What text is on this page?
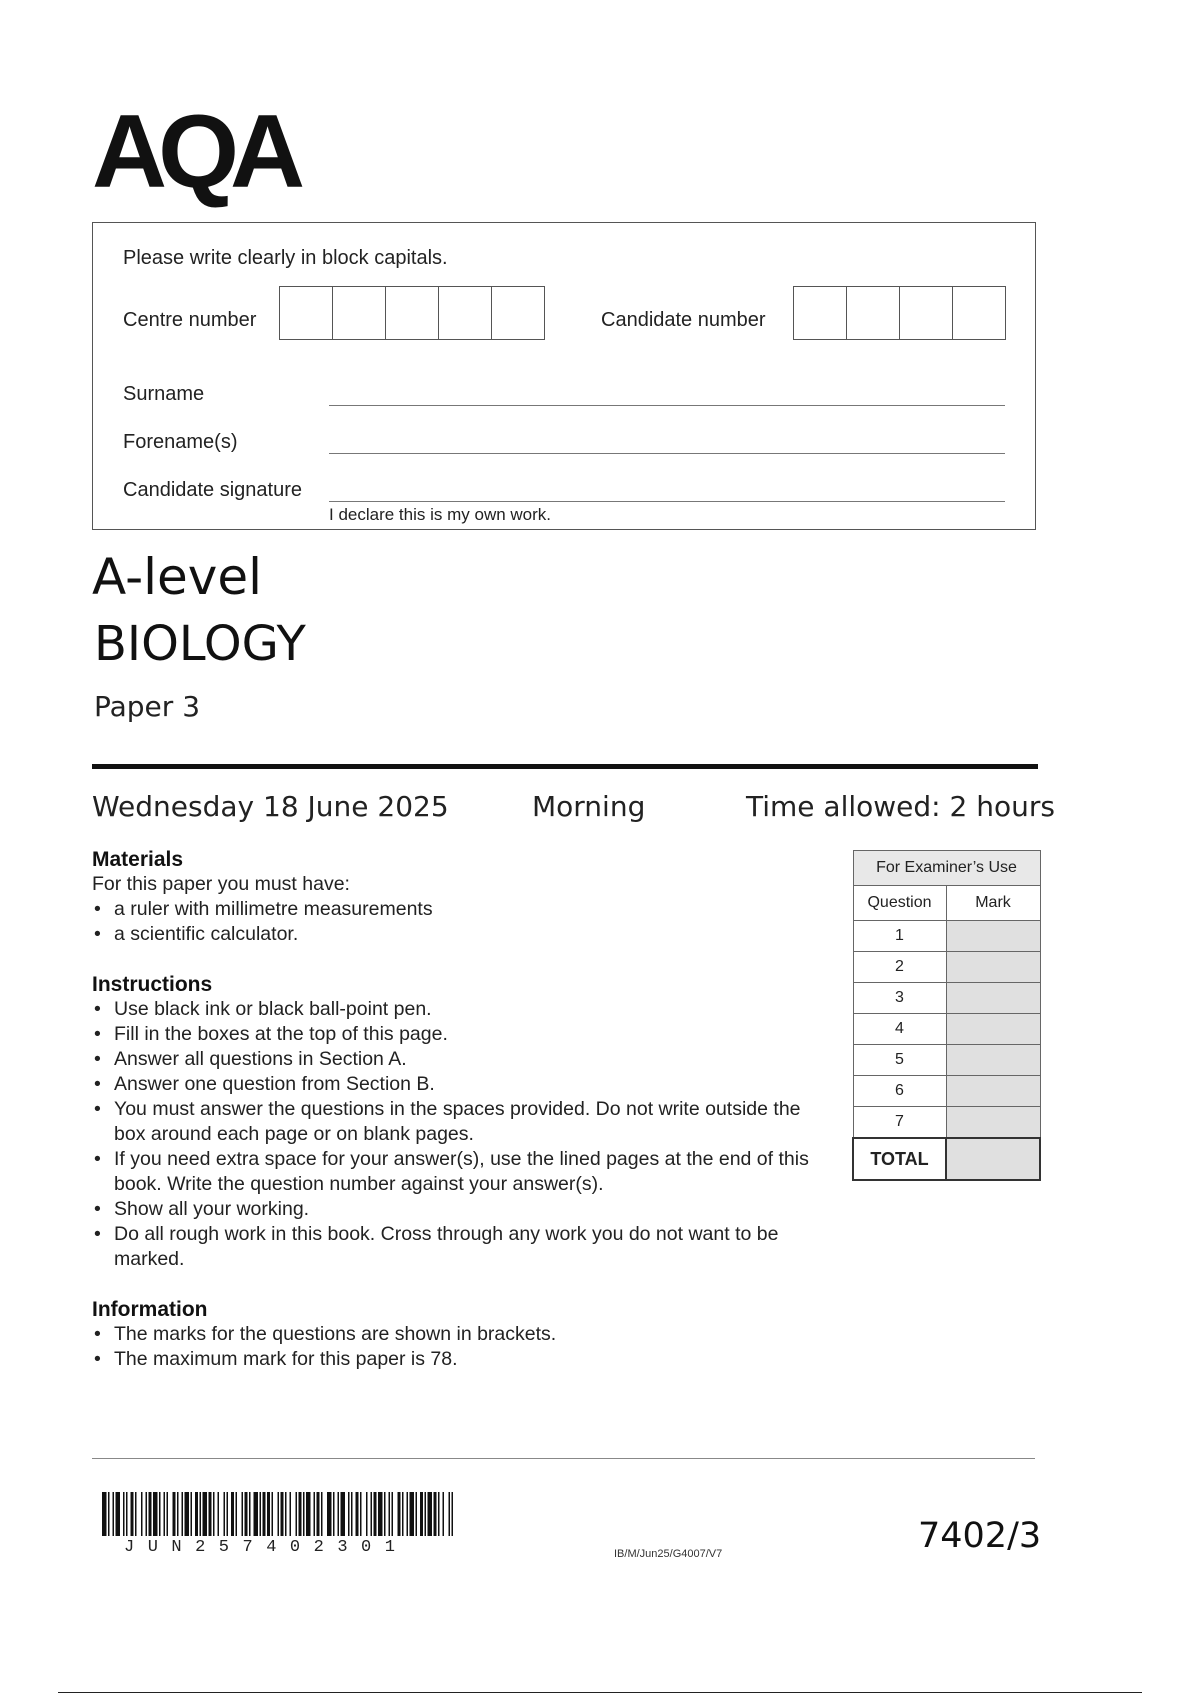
AQA
Please write clearly in block capitals.
Centre number	Candidate number
Surname
Forename(s)
Candidate signature
I declare this is my own work.
A-level
BIOLOGY
Paper 3
Wednesday 18 June 2025	Morning	Time allowed: 2 hours
Materials
For this paper you must have:
• a ruler with millimetre measurements
• a scientific calculator.
Instructions
• Use black ink or black ball-point pen.
• Fill in the boxes at the top of this page.
• Answer all questions in Section A.
• Answer one question from Section B.
• You must answer the questions in the spaces provided. Do not write outside the box around each page or on blank pages.
• If you need extra space for your answer(s), use the lined pages at the end of this book. Write the question number against your answer(s).
• Show all your working.
• Do all rough work in this book. Cross through any work you do not want to be marked.
Information
• The marks for the questions are shown in brackets.
• The maximum mark for this paper is 78.
For Examiner’s Use	
Question	Mark
1	
2	
3	
4	
5	
6	
7	
TOTAL	
JUN257402301	IB/M/Jun25/G4007/V7	7402/3
